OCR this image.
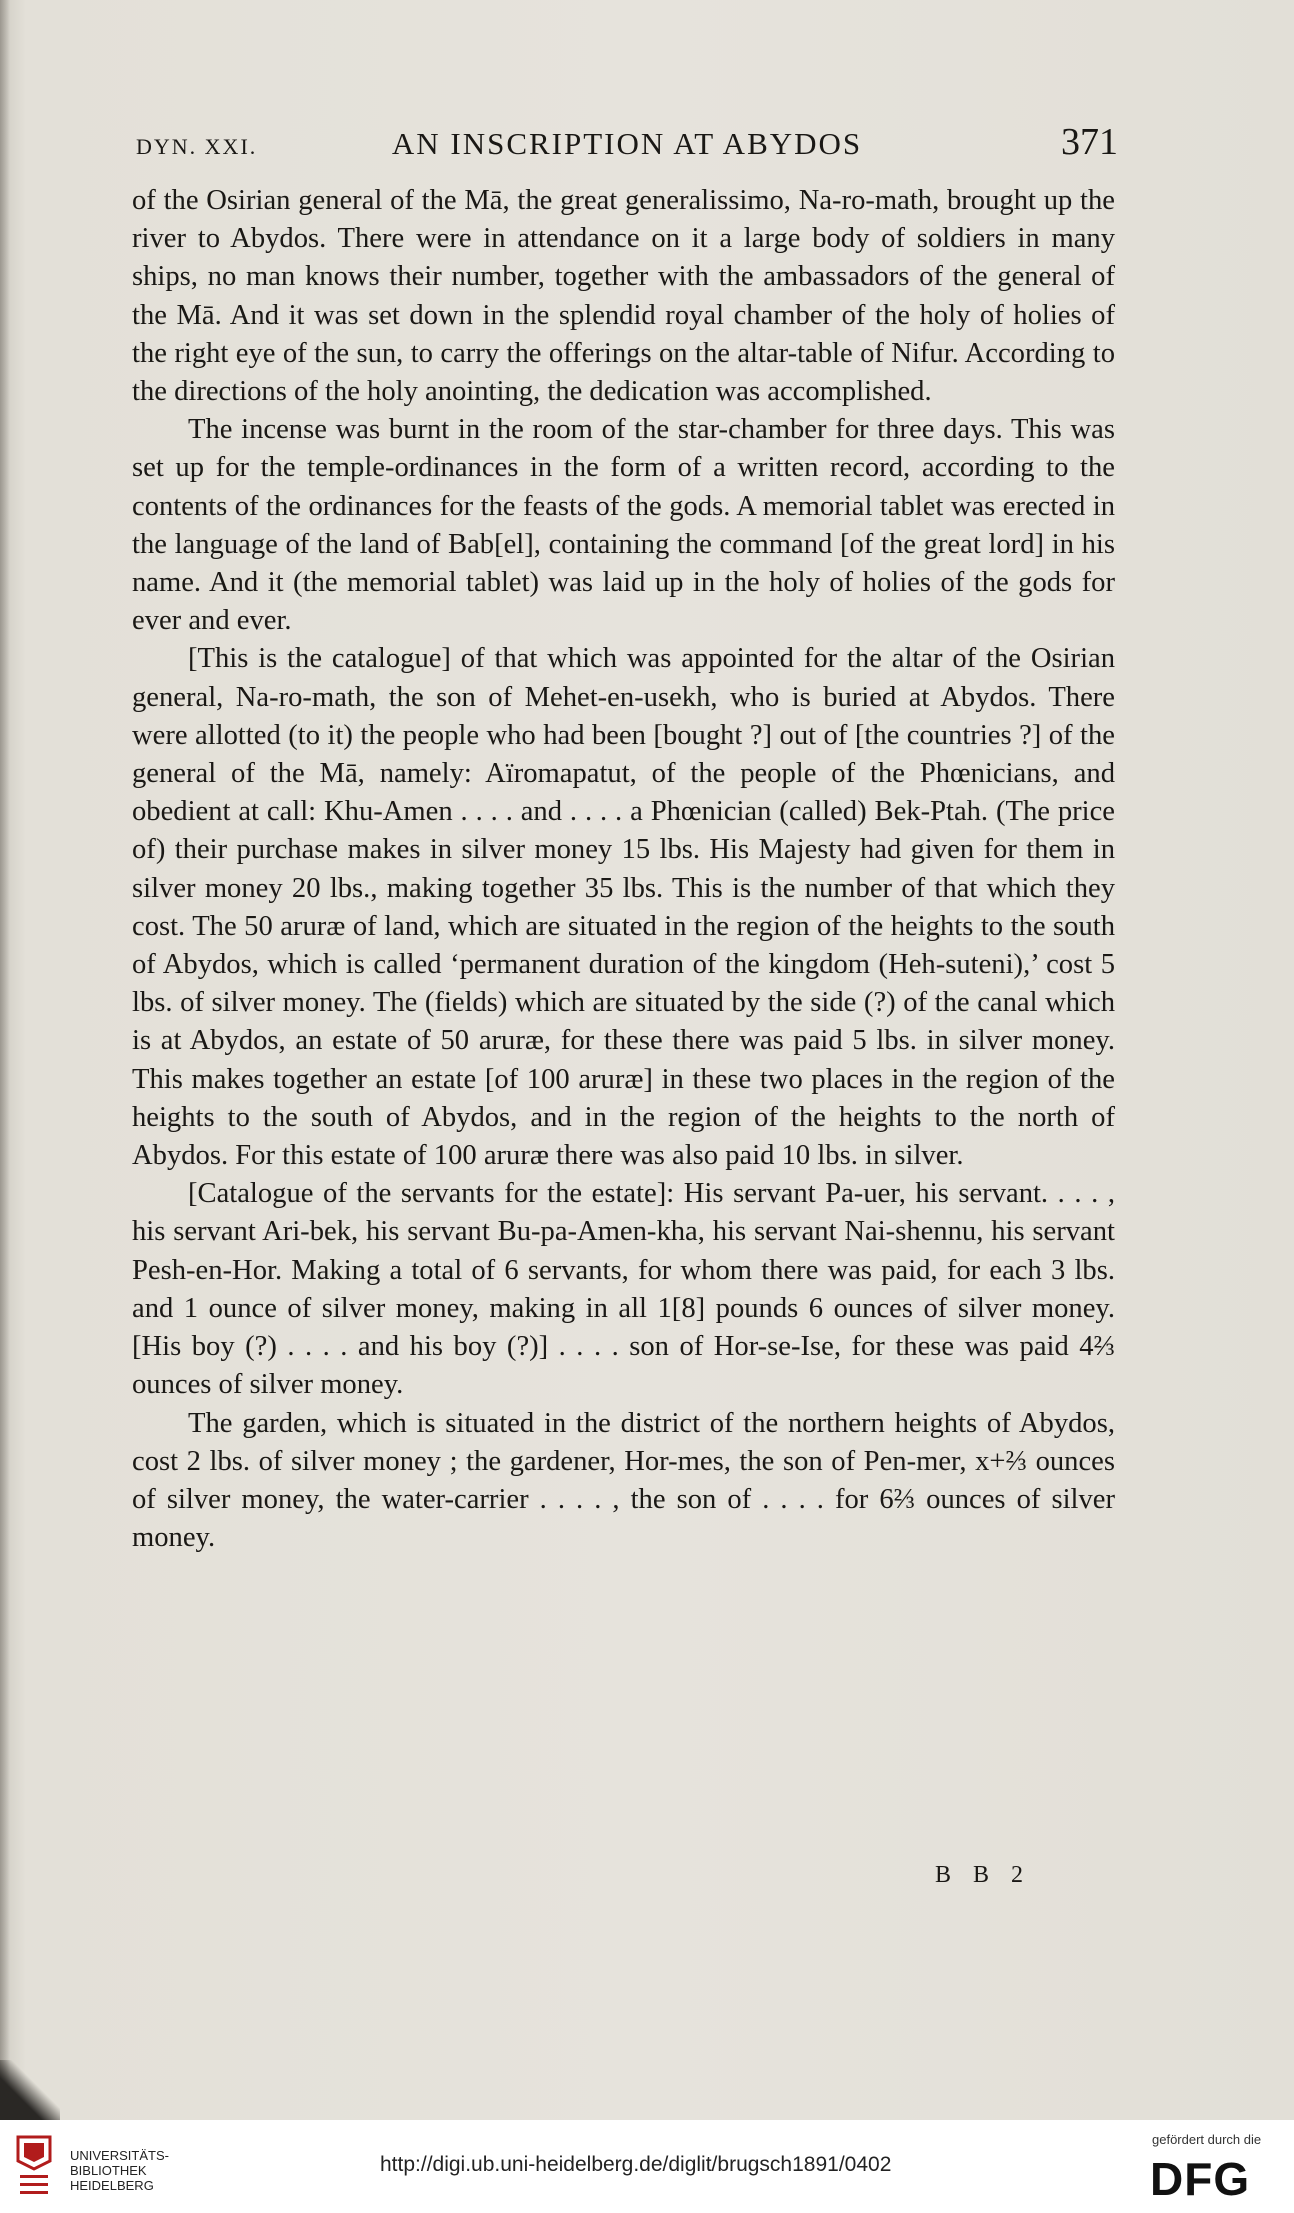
DYN. XXI.	AN INSCRIPTION AT ABYDOS	371

of the Osirian general of the Mā, the great generalissimo, Na-ro-math, brought up the river to Abydos. There were in attendance on it a large body of soldiers in many ships, no man knows their number, together with the ambassadors of the general of the Mā. And it was set down in the splendid royal chamber of the holy of holies of the right eye of the sun, to carry the offerings on the altar-table of Nifur. According to the directions of the holy anointing, the dedication was accomplished.

The incense was burnt in the room of the star-chamber for three days. This was set up for the temple-ordinances in the form of a written record, according to the contents of the ordinances for the feasts of the gods. A memorial tablet was erected in the language of the land of Bab[el], containing the command [of the great lord] in his name. And it (the memorial tablet) was laid up in the holy of holies of the gods for ever and ever.

[This is the catalogue] of that which was appointed for the altar of the Osirian general, Na-ro-math, the son of Mehet-en-usekh, who is buried at Abydos. There were allotted (to it) the people who had been [bought ?] out of [the countries ?] of the general of the Mā, namely: Aïromapatut, of the people of the Phœnicians, and obedient at call: Khu-Amen . . . . and . . . . a Phœnician (called) Bek-Ptah. (The price of) their purchase makes in silver money 15 lbs. His Majesty had given for them in silver money 20 lbs., making together 35 lbs. This is the number of that which they cost. The 50 aruræ of land, which are situated in the region of the heights to the south of Abydos, which is called ‘permanent duration of the kingdom (Heh-suteni),’ cost 5 lbs. of silver money. The (fields) which are situated by the side (?) of the canal which is at Abydos, an estate of 50 aruræ, for these there was paid 5 lbs. in silver money. This makes together an estate [of 100 aruræ] in these two places in the region of the heights to the south of Abydos, and in the region of the heights to the north of Abydos. For this estate of 100 aruræ there was also paid 10 lbs. in silver.

[Catalogue of the servants for the estate]: His servant Pa-uer, his servant. . . . , his servant Ari-bek, his servant Bu-pa-Amen-kha, his servant Nai-shennu, his servant Pesh-en-Hor. Making a total of 6 servants, for whom there was paid, for each 3 lbs. and 1 ounce of silver money, making in all 1[8] pounds 6 ounces of silver money. [His boy (?) . . . . and his boy (?)] . . . . son of Hor-se-Ise, for these was paid 4⅔ ounces of silver money.

The garden, which is situated in the district of the northern heights of Abydos, cost 2 lbs. of silver money ; the gardener, Hor-mes, the son of Pen-mer, x+⅔ ounces of silver money, the water-carrier . . . . , the son of . . . . for 6⅔ ounces of silver money.

B B 2
UNIVERSITÄTS-
BIBLIOTHEK
HEIDELBERG
http://digi.ub.uni-heidelberg.de/diglit/brugsch1891/0402
gefördert durch die
DFG
